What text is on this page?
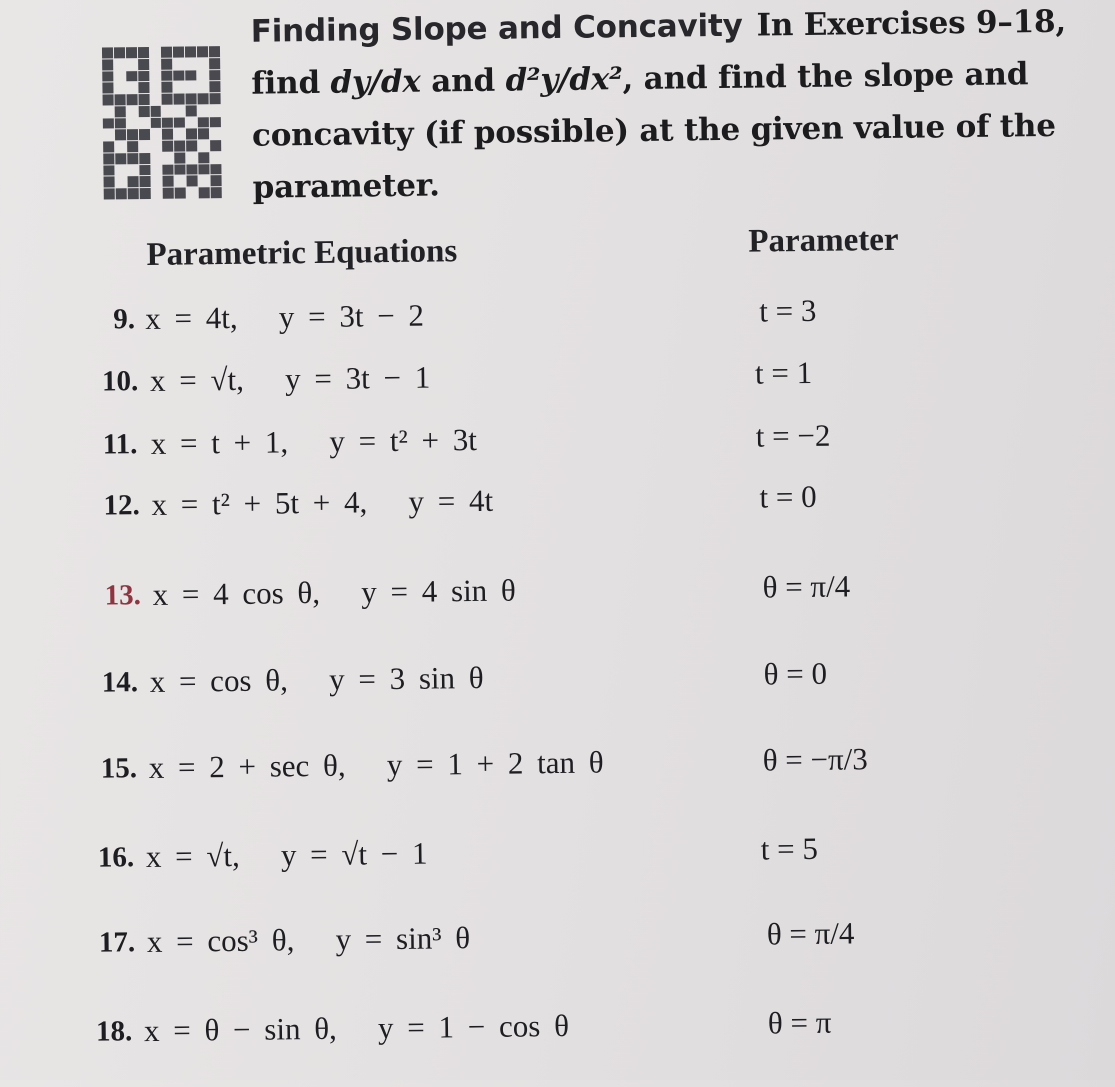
Finding Slope and Concavity In Exercises 9–18, find dy/dx and d²y/dx², and find the slope and concavity (if possible) at the given value of the parameter.
Parametric Equations	Parameter
9. x = 4t,   y = 3t − 2	t = 3
10. x = √t,   y = 3t − 1	t = 1
11. x = t + 1,   y = t² + 3t	t = −2
12. x = t² + 5t + 4,   y = 4t	t = 0
13. x = 4 cos θ,   y = 4 sin θ	θ = π/4
14. x = cos θ,   y = 3 sin θ	θ = 0
15. x = 2 + sec θ,   y = 1 + 2 tan θ	θ = −π/3
16. x = √t,   y = √t − 1	t = 5
17. x = cos³ θ,   y = sin³ θ	θ = π/4
18. x = θ − sin θ,   y = 1 − cos θ	θ = π
